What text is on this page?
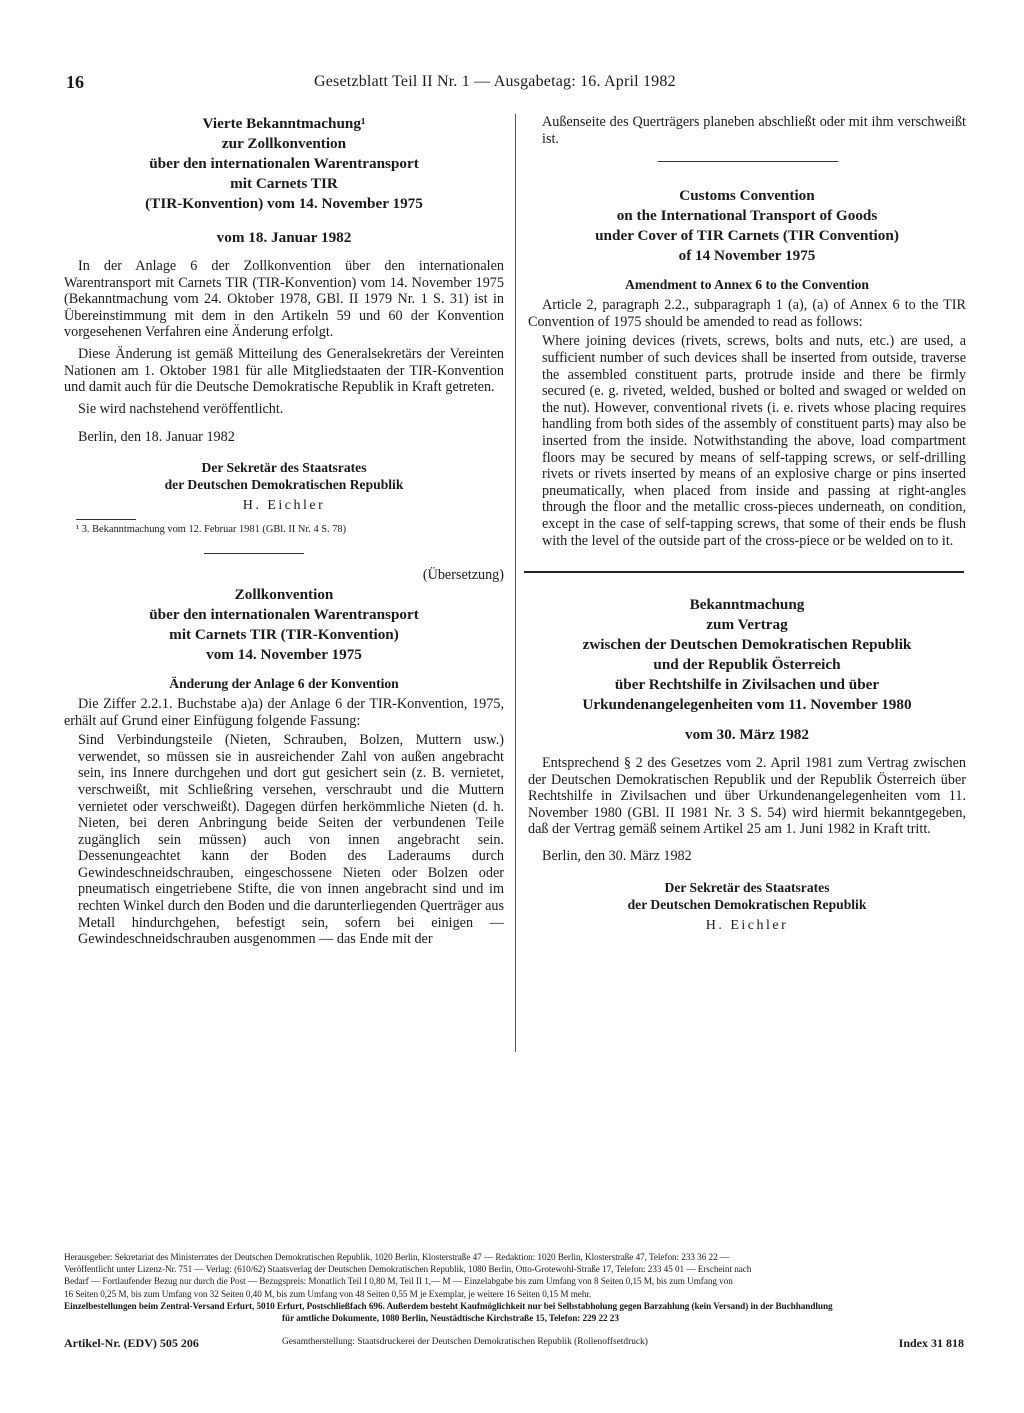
16	Gesetzblatt Teil II Nr. 1 — Ausgabetag: 16. April 1982
Vierte Bekanntmachung¹
zur Zollkonvention
über den internationalen Warentransport
mit Carnets TIR
(TIR-Konvention) vom 14. November 1975
vom 18. Januar 1982

In der Anlage 6 der Zollkonvention über den internationalen Warentransport mit Carnets TIR (TIR-Konvention) vom 14. November 1975 (Bekanntmachung vom 24. Oktober 1978, GBl. II 1979 Nr. 1 S. 31) ist in Übereinstimmung mit dem in den Artikeln 59 und 60 der Konvention vorgesehenen Verfahren eine Änderung erfolgt.

Diese Änderung ist gemäß Mitteilung des Generalsekretärs der Vereinten Nationen am 1. Oktober 1981 für alle Mitgliedstaaten der TIR-Konvention und damit auch für die Deutsche Demokratische Republik in Kraft getreten.

Sie wird nachstehend veröffentlicht.

Berlin, den 18. Januar 1982
Der Sekretär des Staatsrates
der Deutschen Demokratischen Republik
H. Eichler
¹ 3. Bekanntmachung vom 12. Februar 1981 (GBl. II Nr. 4 S. 78)
(Übersetzung)
Zollkonvention
über den internationalen Warentransport
mit Carnets TIR (TIR-Konvention)
vom 14. November 1975
Änderung der Anlage 6 der Konvention

Die Ziffer 2.2.1. Buchstabe a)a) der Anlage 6 der TIR-Konvention, 1975, erhält auf Grund einer Einfügung folgende Fassung:

Sind Verbindungsteile (Nieten, Schrauben, Bolzen, Muttern usw.) verwendet, so müssen sie in ausreichender Zahl von außen angebracht sein, ins Innere durchgehen und dort gut gesichert sein (z. B. vernietet, verschweißt, mit Schließring versehen, verschraubt und die Muttern vernietet oder verschweißt). Dagegen dürfen herkömmliche Nieten (d. h. Nieten, bei deren Anbringung beide Seiten der verbundenen Teile zugänglich sein müssen) auch von innen angebracht sein. Dessenungeachtet kann der Boden des Laderaums durch Gewindeschneidschrauben, eingeschossene Nieten oder Bolzen oder pneumatisch eingetriebene Stifte, die von innen angebracht sind und im rechten Winkel durch den Boden und die darunterliegenden Querträger aus Metall hindurchgehen, befestigt sein, sofern bei einigen — Gewindeschneidschrauben ausgenommen — das Ende mit der

Außenseite des Querträgers planeben abschließt oder mit ihm verschweißt ist.

Customs Convention
on the International Transport of Goods
under Cover of TIR Carnets (TIR Convention)
of 14 November 1975
Amendment to Annex 6 to the Convention

Article 2, paragraph 2.2., subparagraph 1 (a), (a) of Annex 6 to the TIR Convention of 1975 should be amended to read as follows:

Where joining devices (rivets, screws, bolts and nuts, etc.) are used, a sufficient number of such devices shall be inserted from outside, traverse the assembled constituent parts, protrude inside and there be firmly secured (e. g. riveted, welded, bushed or bolted and swaged or welded on the nut). However, conventional rivets (i. e. rivets whose placing requires handling from both sides of the assembly of constituent parts) may also be inserted from the inside. Notwithstanding the above, load compartment floors may be secured by means of self-tapping screws, or self-drilling rivets or rivets inserted by means of an explosive charge or pins inserted pneumatically, when placed from inside and passing at right-angles through the floor and the metallic cross-pieces underneath, on condition, except in the case of self-tapping screws, that some of their ends be flush with the level of the outside part of the cross-piece or be welded on to it.

Bekanntmachung
zum Vertrag
zwischen der Deutschen Demokratischen Republik
und der Republik Österreich
über Rechtshilfe in Zivilsachen und über
Urkundenangelegenheiten vom 11. November 1980
vom 30. März 1982

Entsprechend § 2 des Gesetzes vom 2. April 1981 zum Vertrag zwischen der Deutschen Demokratischen Republik und der Republik Österreich über Rechtshilfe in Zivilsachen und über Urkundenangelegenheiten vom 11. November 1980 (GBl. II 1981 Nr. 3 S. 54) wird hiermit bekanntgegeben, daß der Vertrag gemäß seinem Artikel 25 am 1. Juni 1982 in Kraft tritt.

Berlin, den 30. März 1982
Der Sekretär des Staatsrates
der Deutschen Demokratischen Republik
H. Eichler
Herausgeber: Sekretariat des Ministerrates der Deutschen Demokratischen Republik, 1020 Berlin, Klosterstraße 47 — Redaktion: 1020 Berlin, Klosterstraße 47, Telefon: 233 36 22 —
Veröffentlicht unter Lizenz-Nr. 751 — Verlag: (610/62) Staatsverlag der Deutschen Demokratischen Republik, 1080 Berlin, Otto-Grotewohl-Straße 17, Telefon: 233 45 01 — Erscheint nach
Bedarf — Fortlaufender Bezug nur durch die Post — Bezugspreis: Monatlich Teil I 0,80 M, Teil II 1,— M — Einzelabgabe bis zum Umfang von 8 Seiten 0,15 M, bis zum Umfang von
16 Seiten 0,25 M, bis zum Umfang von 32 Seiten 0,40 M, bis zum Umfang von 48 Seiten 0,55 M je Exemplar, je weitere 16 Seiten 0,15 M mehr.
Einzelbestellungen beim Zentral-Versand Erfurt, 5010 Erfurt, Postschließfach 696. Außerdem besteht Kaufmöglichkeit nur bei Selbstabholung gegen Barzahlung (kein Versand) in der Buchhandlung
für amtliche Dokumente, 1080 Berlin, Neustädtische Kirchstraße 15, Telefon: 229 22 23
Artikel-Nr. (EDV) 505 206	Gesamtherstellung: Staatsdruckerei der Deutschen Demokratischen Republik (Rollenoffsetdruck)	Index 31 818
